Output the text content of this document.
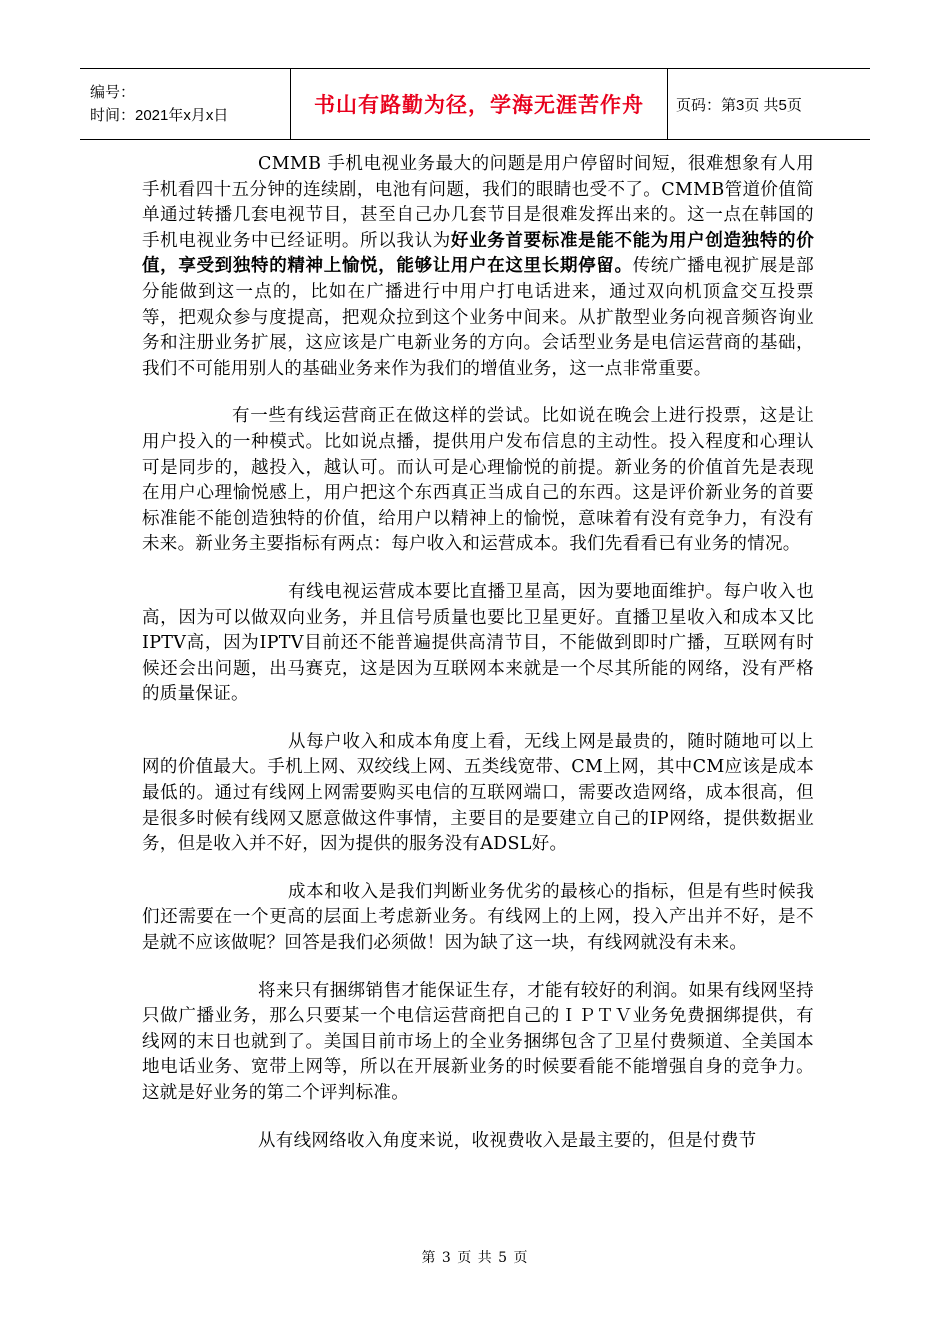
编号：
时间：2021年x月x日	书山有路勤为径，学海无涯苦作舟	页码：第3页 共5页

CMMB 手机电视业务最大的问题是用户停留时间短，很难想象有人用手机看四十五分钟的连续剧，电池有问题，我们的眼睛也受不了。CMMB管道价值简单通过转播几套电视节目，甚至自己办几套节目是很难发挥出来的。这一点在韩国的手机电视业务中已经证明。所以我认为好业务首要标准是能不能为用户创造独特的价值，享受到独特的精神上愉悦，能够让用户在这里长期停留。传统广播电视扩展是部分能做到这一点的，比如在广播进行中用户打电话进来，通过双向机顶盒交互投票等，把观众参与度提高，把观众拉到这个业务中间来。从扩散型业务向视音频咨询业务和注册业务扩展，这应该是广电新业务的方向。会话型业务是电信运营商的基础，我们不可能用别人的基础业务来作为我们的增值业务，这一点非常重要。

有一些有线运营商正在做这样的尝试。比如说在晚会上进行投票，这是让用户投入的一种模式。比如说点播，提供用户发布信息的主动性。投入程度和心理认可是同步的，越投入，越认可。而认可是心理愉悦的前提。新业务的价值首先是表现在用户心理愉悦感上，用户把这个东西真正当成自己的东西。这是评价新业务的首要标准能不能创造独特的价值，给用户以精神上的愉悦，意味着有没有竞争力，有没有未来。新业务主要指标有两点：每户收入和运营成本。我们先看看已有业务的情况。

有线电视运营成本要比直播卫星高，因为要地面维护。每户收入也高，因为可以做双向业务，并且信号质量也要比卫星更好。直播卫星收入和成本又比IPTV高，因为IPTV目前还不能普遍提供高清节目，不能做到即时广播，互联网有时候还会出问题，出马赛克，这是因为互联网本来就是一个尽其所能的网络，没有严格的质量保证。

从每户收入和成本角度上看，无线上网是最贵的，随时随地可以上网的价值最大。手机上网、双绞线上网、五类线宽带、CM上网，其中CM应该是成本最低的。通过有线网上网需要购买电信的互联网端口，需要改造网络，成本很高，但是很多时候有线网又愿意做这件事情，主要目的是要建立自己的IP网络，提供数据业务，但是收入并不好，因为提供的服务没有ADSL好。

成本和收入是我们判断业务优劣的最核心的指标，但是有些时候我们还需要在一个更高的层面上考虑新业务。有线网上的上网，投入产出并不好，是不是就不应该做呢？回答是我们必须做！因为缺了这一块，有线网就没有未来。

将来只有捆绑销售才能保证生存，才能有较好的利润。如果有线网坚持只做广播业务，那么只要某一个电信运营商把自己的ＩＰＴＶ业务免费捆绑提供，有线网的末日也就到了。美国目前市场上的全业务捆绑包含了卫星付费频道、全美国本地电话业务、宽带上网等，所以在开展新业务的时候要看能不能增强自身的竞争力。这就是好业务的第二个评判标准。

从有线网络收入角度来说，收视费收入是最主要的，但是付费节

第 3 页 共 5 页
